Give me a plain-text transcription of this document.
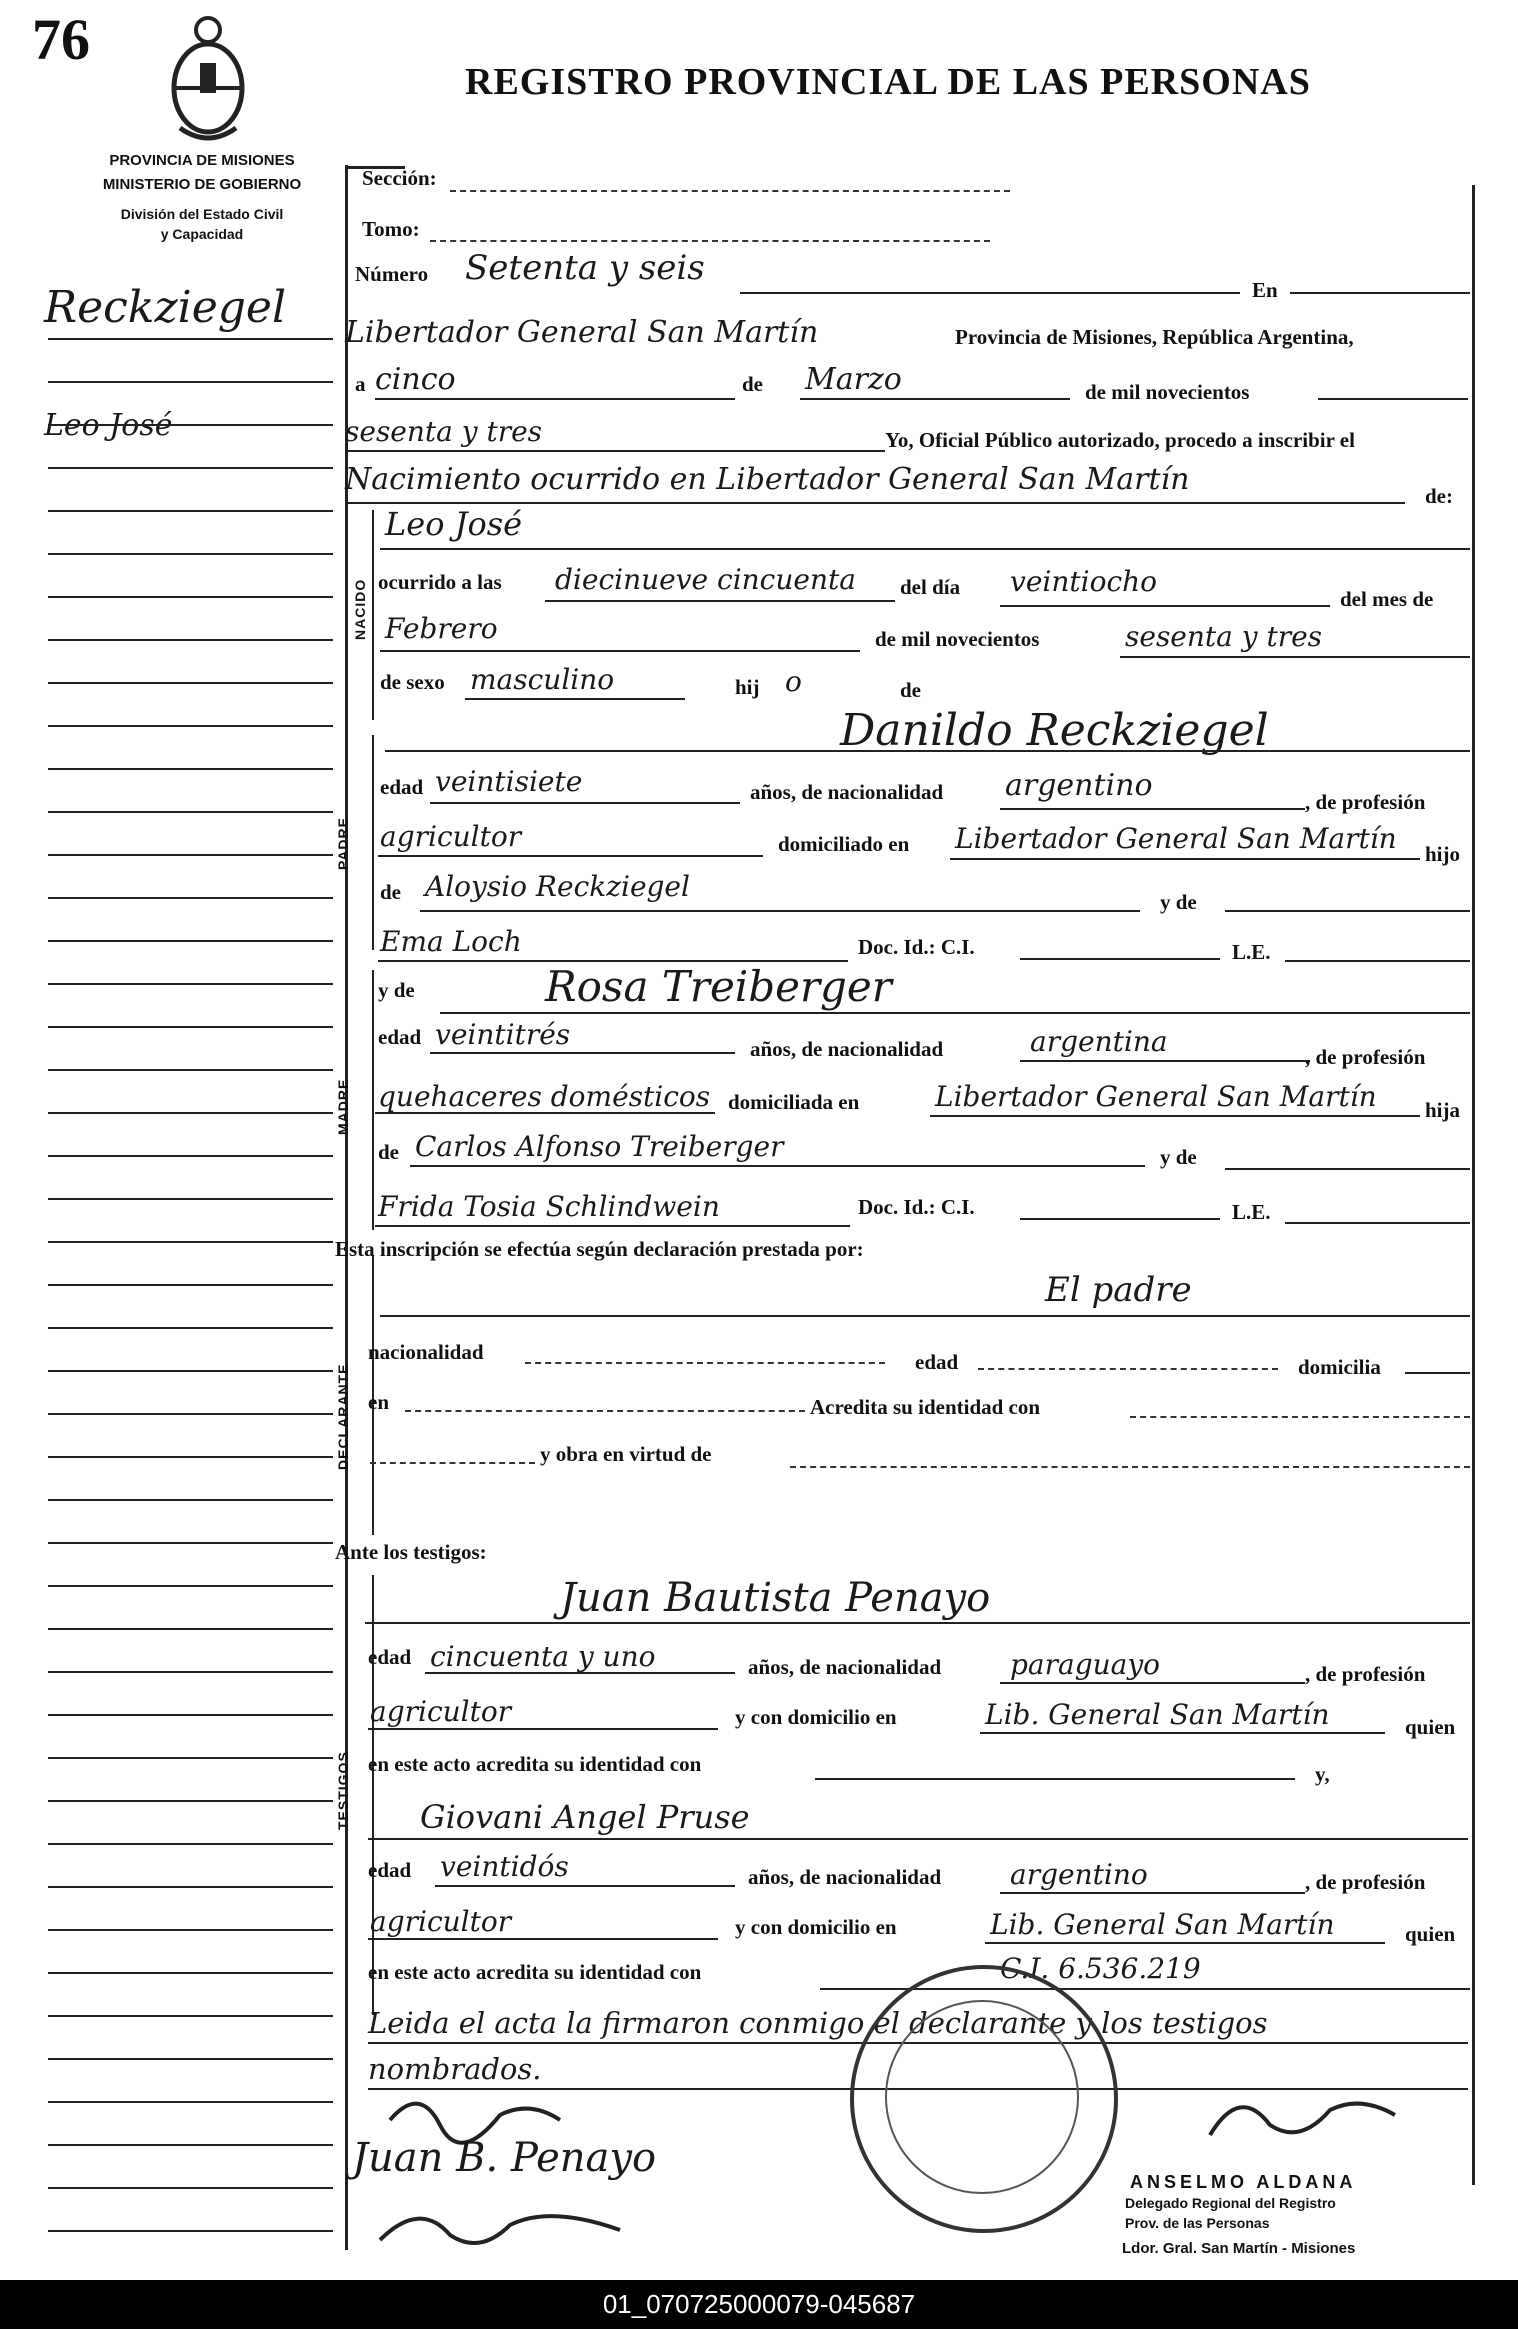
76
REGISTRO PROVINCIAL DE LAS PERSONAS
PROVINCIA DE MISIONES
MINISTERIO DE GOBIERNO
División del Estado Civil
y Capacidad
Reckziegel
Leo José
NACIDO
PADRE
MADRE
DECLARANTE
TESTIGOS
Sección:
Tomo:
Número Setenta y seis
En
Libertador General San Martín	Provincia de Misiones, República Argentina,
a cinco	de Marzo	de mil novecientos
sesenta y tres	Yo, Oficial Público autorizado, procedo a inscribir el
Nacimiento ocurrido en Libertador General San Martín	de:
Leo José
ocurrido a las diecinueve cincuenta del día veintiocho
del mes de
Febrero	de mil novecientos	sesenta y tres
de sexo masculino	hij o	de
Danildo Reckziegel
edad veintisiete	años, de nacionalidad argentino	, de profesión
agricultor	domiciliado en Libertador General San Martín hijo
de Aloysio Reckziegel	y de
Ema Loch	Doc. Id.: C.I.	L.E.
y de	Rosa Treiberger
edad veintitrés	años, de nacionalidad	argentina	, de profesión
quehaceres domésticos domiciliada en	Libertador General San Martín hija
de Carlos Alfonso Treiberger	y de
Frida Tosia Schlindwein	Doc. Id.: C.I.	L.E.
Esta inscripción se efectúa según declaración prestada por:
El padre
nacionalidad	edad	domicilia
en	Acredita su identidad con
y obra en virtud de
Ante los testigos:
Juan Bautista Penayo
edad cincuenta y uno	años, de nacionalidad paraguayo	, de profesión
agricultor	y con domicilio en	Lib. General San Martín	quien
en este acto acredita su identidad con	y,
Giovani Angel Pruse
edad veintidós	años, de nacionalidad argentino	, de profesión
agricultor	y con domicilio en	Lib. General San Martín	quien
en este acto acredita su identidad con	C.I. 6.536.219
Leida el acta la firmaron conmigo el declarante y los testigos nombrados.
Juan B. Penayo
ANSELMO ALDANA
Delegado Regional del Registro
Prov. de las Personas
Ldor. Gral. San Martín - Misiones
01_070725000079-045687
